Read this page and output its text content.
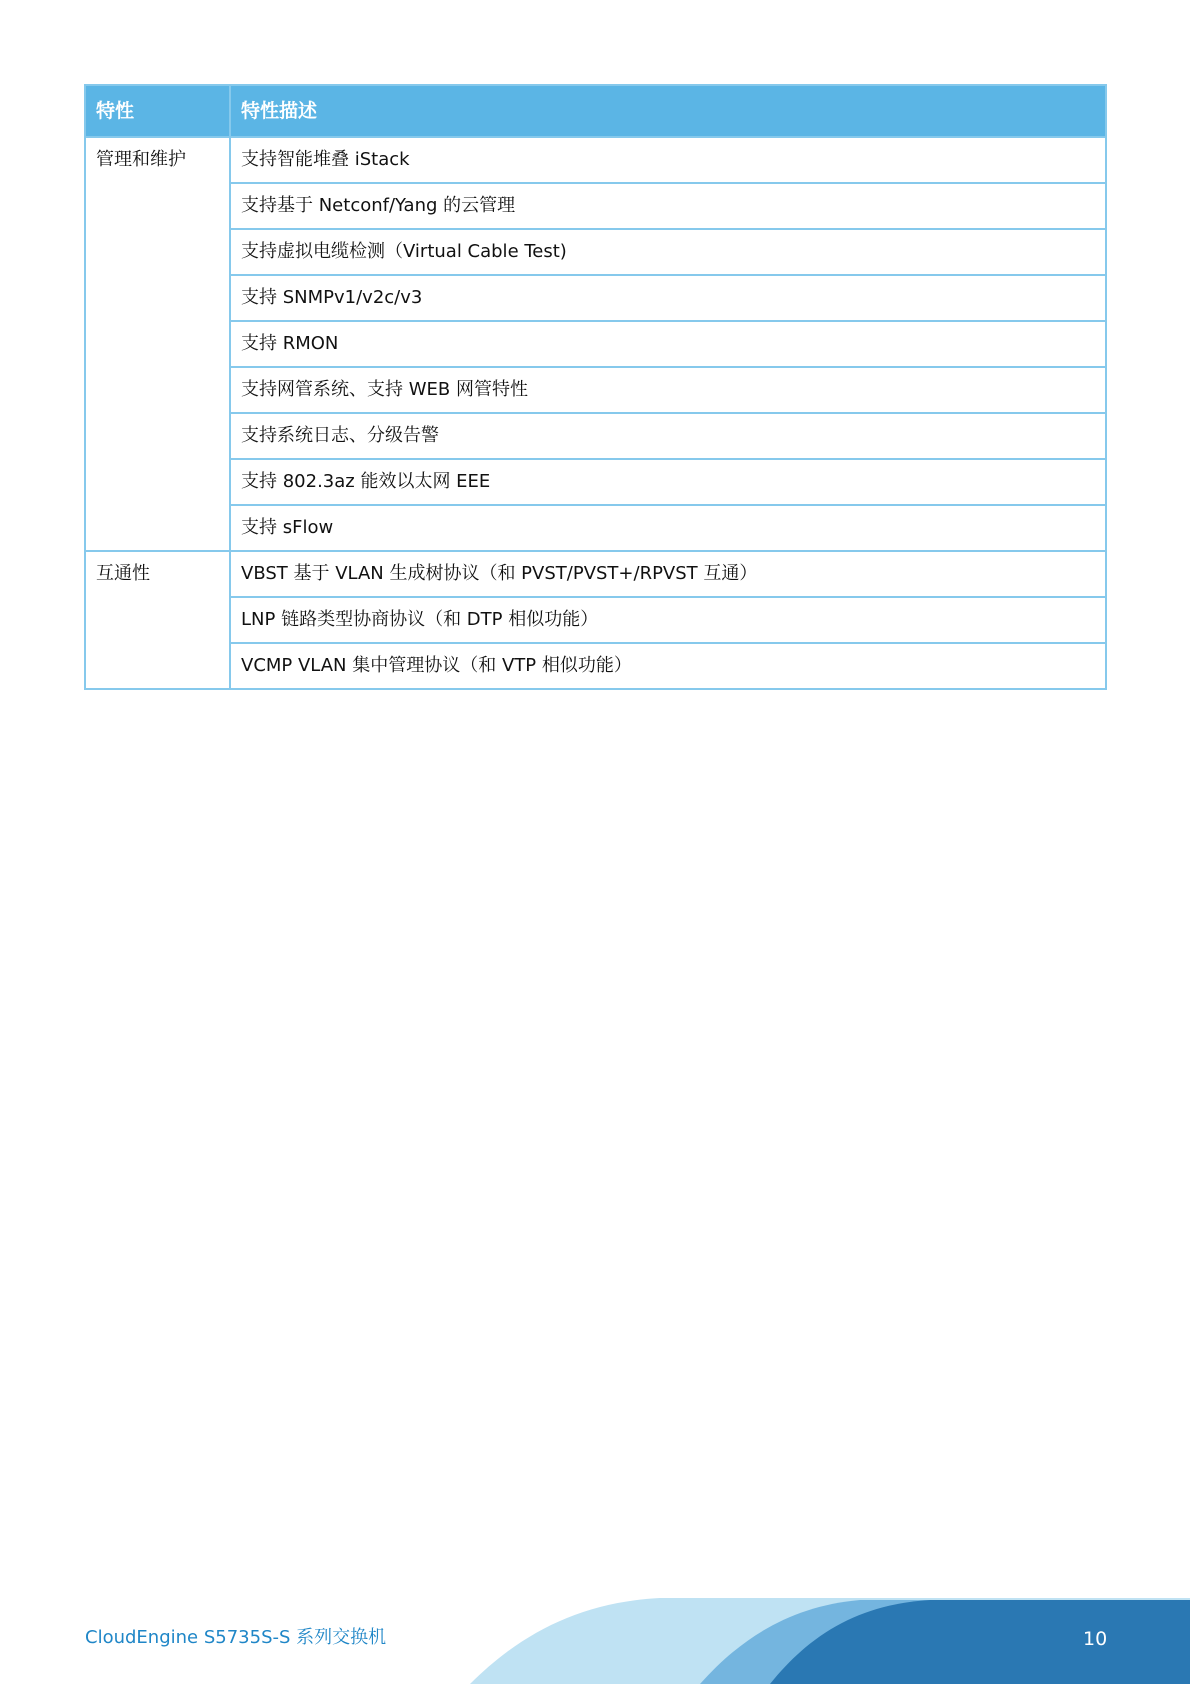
特性	特性描述
管理和维护	支持智能堆叠 iStack
	支持基于 Netconf/Yang 的云管理
	支持虚拟电缆检测（Virtual Cable Test)
	支持 SNMPv1/v2c/v3
	支持 RMON
	支持网管系统、支持 WEB 网管特性
	支持系统日志、分级告警
	支持 802.3az 能效以太网 EEE
	支持 sFlow
互通性	VBST 基于 VLAN 生成树协议（和 PVST/PVST+/RPVST 互通）
	LNP 链路类型协商协议（和 DTP 相似功能）
	VCMP VLAN 集中管理协议（和 VTP 相似功能）
CloudEngine S5735S-S 系列交换机	10
